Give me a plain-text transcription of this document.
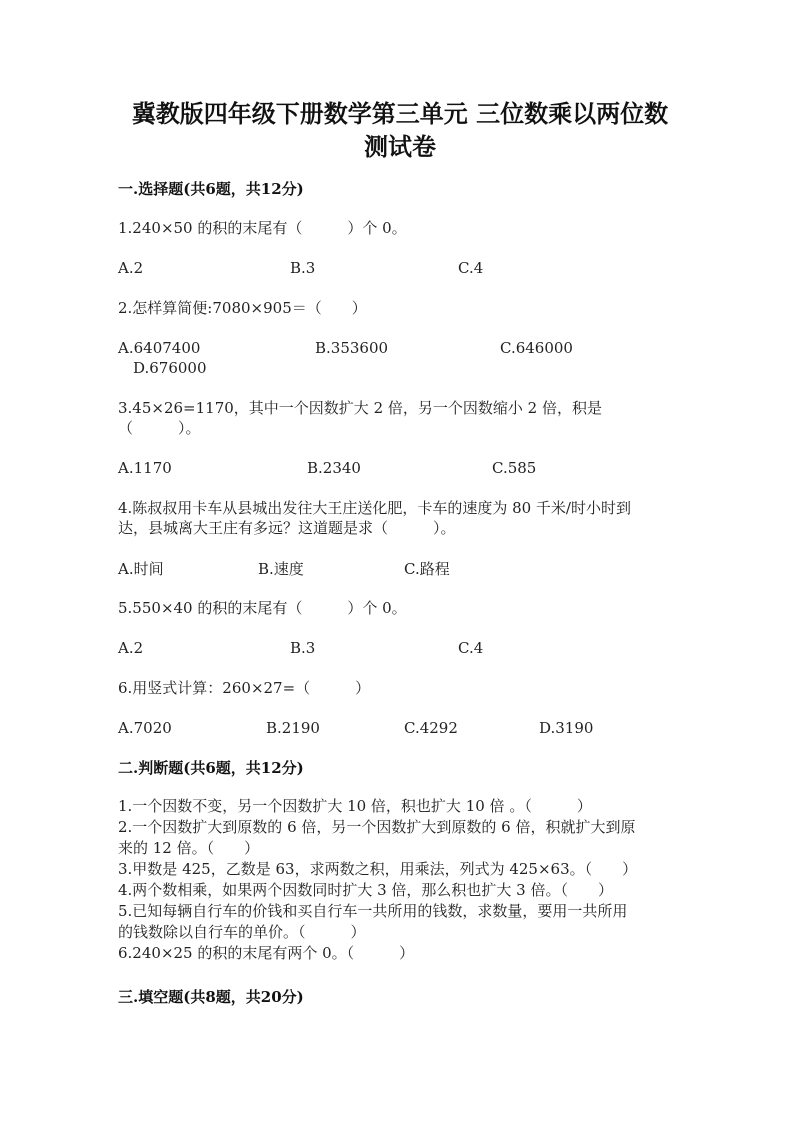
冀教版四年级下册数学第三单元 三位数乘以两位数
测试卷
一.选择题(共6题，共12分)
1.240×50 的积的末尾有（　　　）个 0。
A.2	B.3	C.4
2.怎样算简便:7080×905＝（　　）
A.6407400	B.353600	C.646000
D.676000
3.45×26=1170，其中一个因数扩大 2 倍，另一个因数缩小 2 倍，积是
（　　　）。
A.1170	B.2340	C.585
4.陈叔叔用卡车从县城出发往大王庄送化肥，卡车的速度为 80 千米/时小时到
达，县城离大王庄有多远？这道题是求（　　　）。
A.时间	B.速度	C.路程
5.550×40 的积的末尾有（　　　）个 0。
A.2	B.3	C.4
6.用竖式计算：260×27=（　　　）
A.7020	B.2190	C.4292	D.3190
二.判断题(共6题，共12分)
1.一个因数不变，另一个因数扩大 10 倍，积也扩大 10 倍 。（　　　）
2.一个因数扩大到原数的 6 倍，另一个因数扩大到原数的 6 倍，积就扩大到原
来的 12 倍。（　　）
3.甲数是 425，乙数是 63，求两数之积，用乘法，列式为 425×63。（　　）
4.两个数相乘，如果两个因数同时扩大 3 倍，那么积也扩大 3 倍。（　　）
5.已知每辆自行车的价钱和买自行车一共所用的钱数，求数量，要用一共所用
的钱数除以自行车的单价。（　　　）
6.240×25 的积的末尾有两个 0。（　　　）
三.填空题(共8题，共20分)
